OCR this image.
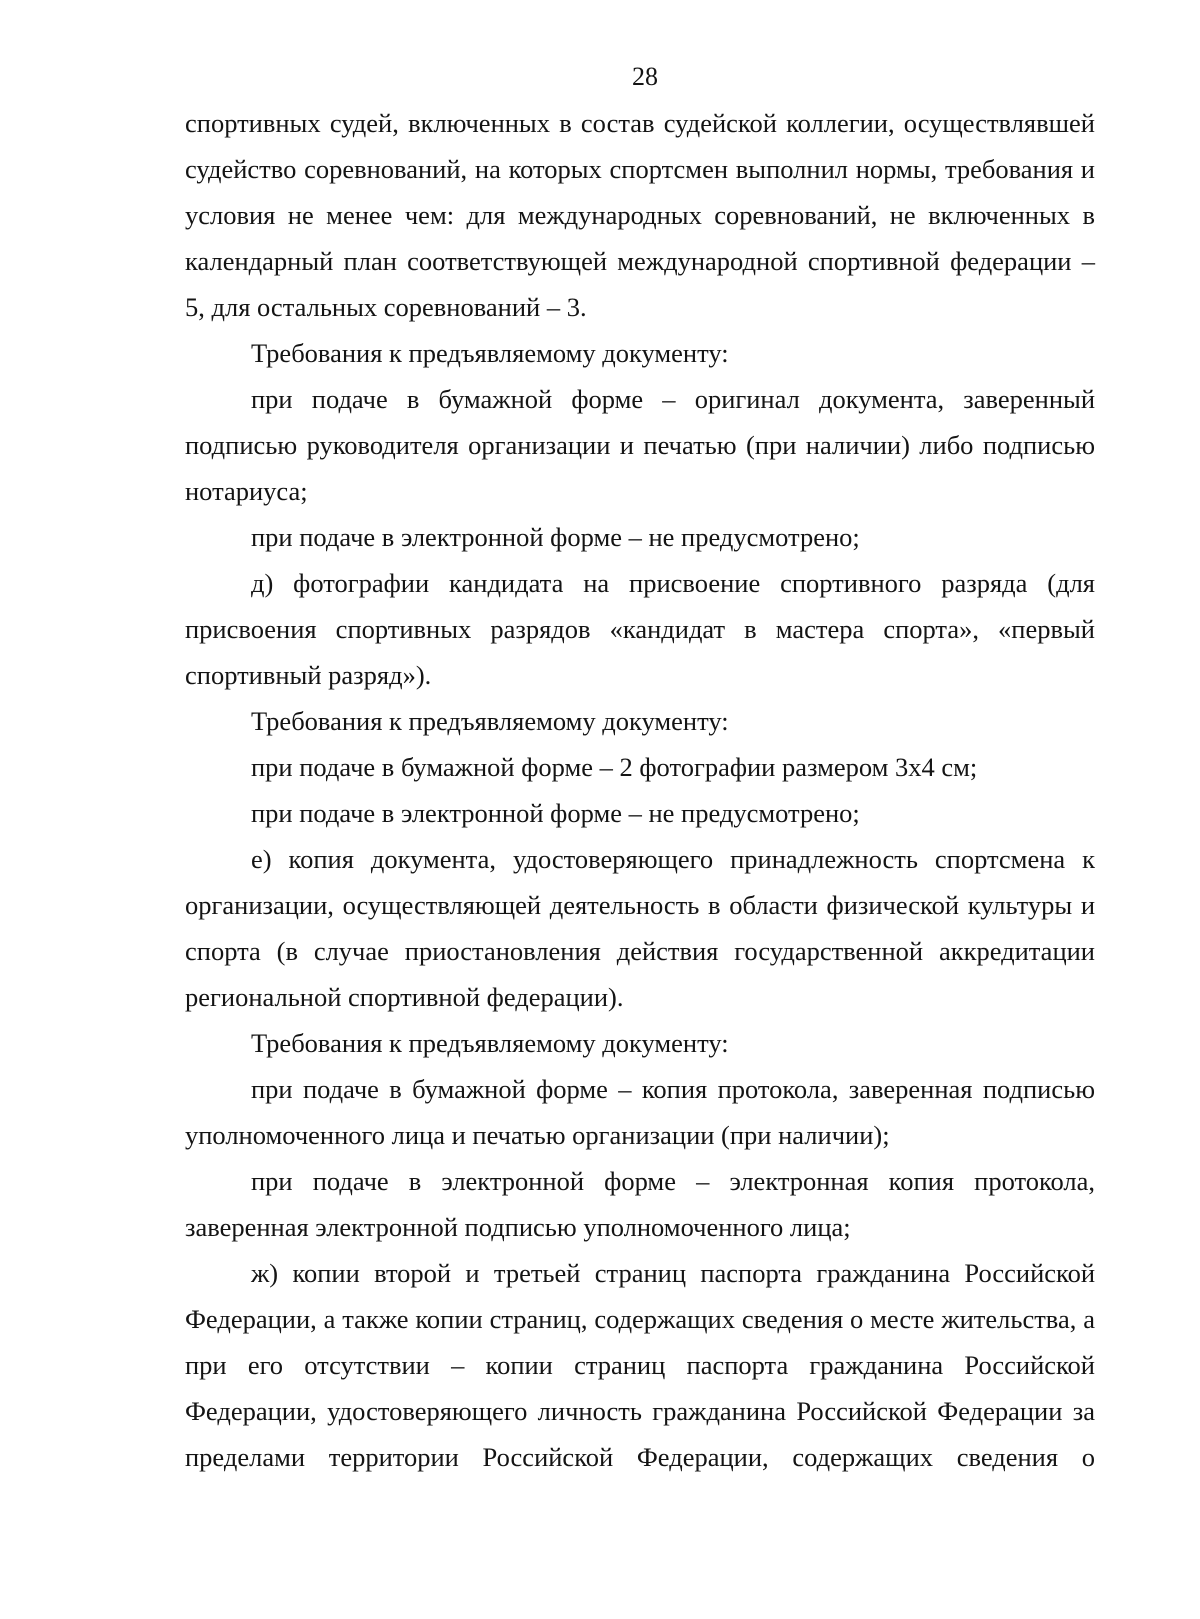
28

спортивных судей, включенных в состав судейской коллегии, осуществлявшей судейство соревнований, на которых спортсмен выполнил нормы, требования и условия не менее чем: для международных соревнований, не включенных в календарный план соответствующей международной спортивной федерации – 5, для остальных соревнований – 3.

Требования к предъявляемому документу:

при подаче в бумажной форме – оригинал документа, заверенный подписью руководителя организации и печатью (при наличии) либо подписью нотариуса;

при подаче в электронной форме – не предусмотрено;

д) фотографии кандидата на присвоение спортивного разряда (для присвоения спортивных разрядов «кандидат в мастера спорта», «первый спортивный разряд»).

Требования к предъявляемому документу:

при подаче в бумажной форме – 2 фотографии размером 3х4 см;

при подаче в электронной форме – не предусмотрено;

е) копия документа, удостоверяющего принадлежность спортсмена к организации, осуществляющей деятельность в области физической культуры и спорта (в случае приостановления действия государственной аккредитации региональной спортивной федерации).

Требования к предъявляемому документу:

при подаче в бумажной форме – копия протокола, заверенная подписью уполномоченного лица и печатью организации (при наличии);

при подаче в электронной форме – электронная копия протокола, заверенная электронной подписью уполномоченного лица;

ж) копии второй и третьей страниц паспорта гражданина Российской Федерации, а также копии страниц, содержащих сведения о месте жительства, а при его отсутствии – копии страниц паспорта гражданина Российской Федерации, удостоверяющего личность гражданина Российской Федерации за пределами территории Российской Федерации, содержащих сведения о
